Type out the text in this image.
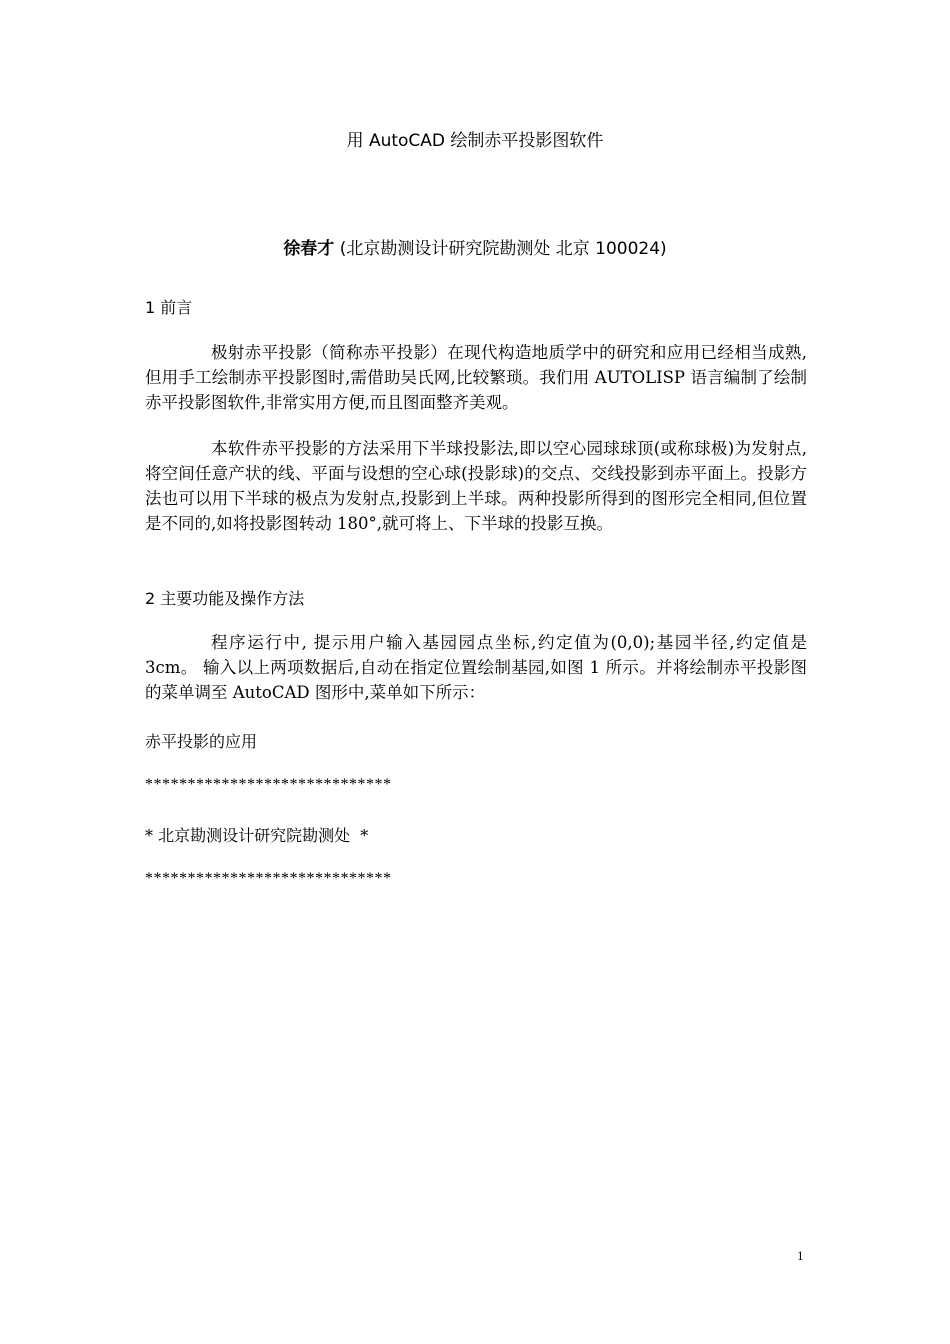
用 AutoCAD 绘制赤平投影图软件
徐春才 (北京勘测设计研究院勘测处 北京 100024)
1 前言

极射赤平投影（简称赤平投影）在现代构造地质学中的研究和应用已经相当成熟, 但用手工绘制赤平投影图时,需借助吴氏网,比较繁琐。我们用 AUTOLISP 语言编制了绘制赤平投影图软件,非常实用方便,而且图面整齐美观。

本软件赤平投影的方法采用下半球投影法,即以空心园球球顶(或称球极)为发射点,将空间任意产状的线、平面与设想的空心球(投影球)的交点、交线投影到赤平面上。投影方法也可以用下半球的极点为发射点,投影到上半球。两种投影所得到的图形完全相同,但位置是不同的,如将投影图转动 180°,就可将上、下半球的投影互换。

2 主要功能及操作方法

程序运行中, 提示用户输入基园园点坐标,约定值为(0,0);基园半径,约定值是 3cm。 输入以上两项数据后,自动在指定位置绘制基园,如图 1 所示。并将绘制赤平投影图的菜单调至 AutoCAD 图形中,菜单如下所示：

赤平投影的应用

*****************************

* 北京勘测设计研究院勘测处  *

*****************************

1
